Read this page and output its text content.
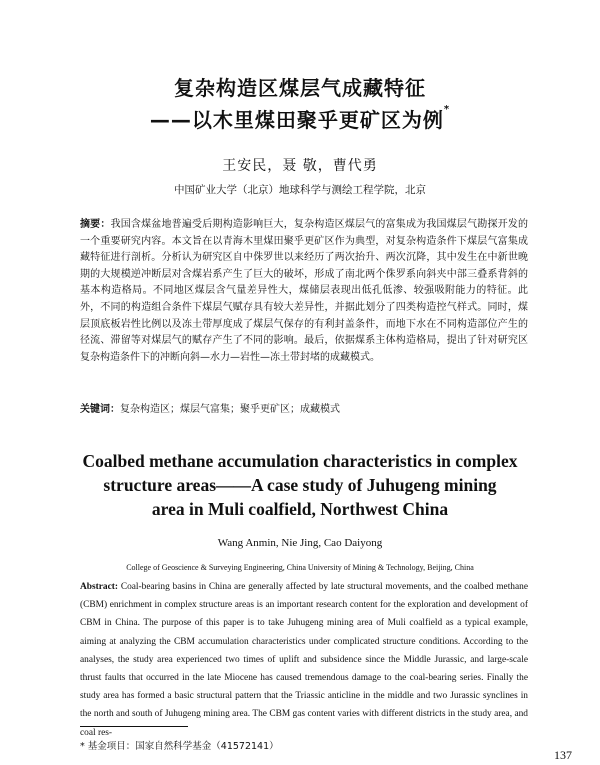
复杂构造区煤层气成藏特征
——以木里煤田聚乎更矿区为例*
王安民，聂 敬，曹代勇
中国矿业大学（北京）地球科学与测绘工程学院，北京
摘要：我国含煤盆地普遍受后期构造影响巨大，复杂构造区煤层气的富集成为我国煤层气勘探开发的一个重要研究内容。本文旨在以青海木里煤田聚乎更矿区作为典型，对复杂构造条件下煤层气富集成藏特征进行剖析。分析认为研究区自中侏罗世以来经历了两次抬升、两次沉降，其中发生在中新世晚期的大规模逆冲断层对含煤岩系产生了巨大的破坏，形成了南北两个侏罗系向斜夹中部三叠系背斜的基本构造格局。不同地区煤层含气量差异性大，煤储层表现出低孔低渗、较强吸附能力的特征。此外，不同的构造组合条件下煤层气赋存具有较大差异性，并据此划分了四类构造控气样式。同时，煤层顶底板岩性比例以及冻土带厚度成了煤层气保存的有利封盖条件，而地下水在不同构造部位产生的径流、滞留等对煤层气的赋存产生了不同的影响。最后，依据煤系主体构造格局，提出了针对研究区复杂构造条件下的冲断向斜—水力—岩性—冻土带封堵的成藏模式。
关键词：复杂构造区；煤层气富集；聚乎更矿区；成藏模式
Coalbed methane accumulation characteristics in complex
structure areas——A case study of Juhugeng mining
area in Muli coalfield, Northwest China
Wang Anmin, Nie Jing, Cao Daiyong
College of Geoscience & Surveying Engineering, China University of Mining & Technology, Beijing, China
Abstract: Coal-bearing basins in China are generally affected by late structural movements, and the coalbed methane (CBM) enrichment in complex structure areas is an important research content for the exploration and development of CBM in China. The purpose of this paper is to take Juhugeng mining area of Muli coalfield as a typical example, aiming at analyzing the CBM accumulation characteristics under complicated structure conditions. According to the analyses, the study area experienced two times of uplift and subsidence since the Middle Jurassic, and large-scale thrust faults that occurred in the late Miocene has caused tremendous damage to the coal-bearing series. Finally the study area has formed a basic structural pattern that the Triassic anticline in the middle and two Jurassic synclines in the north and south of Juhugeng mining area. The CBM gas content varies with different districts in the study area, and coal res-
* 基金项目：国家自然科学基金（41572141）
137
